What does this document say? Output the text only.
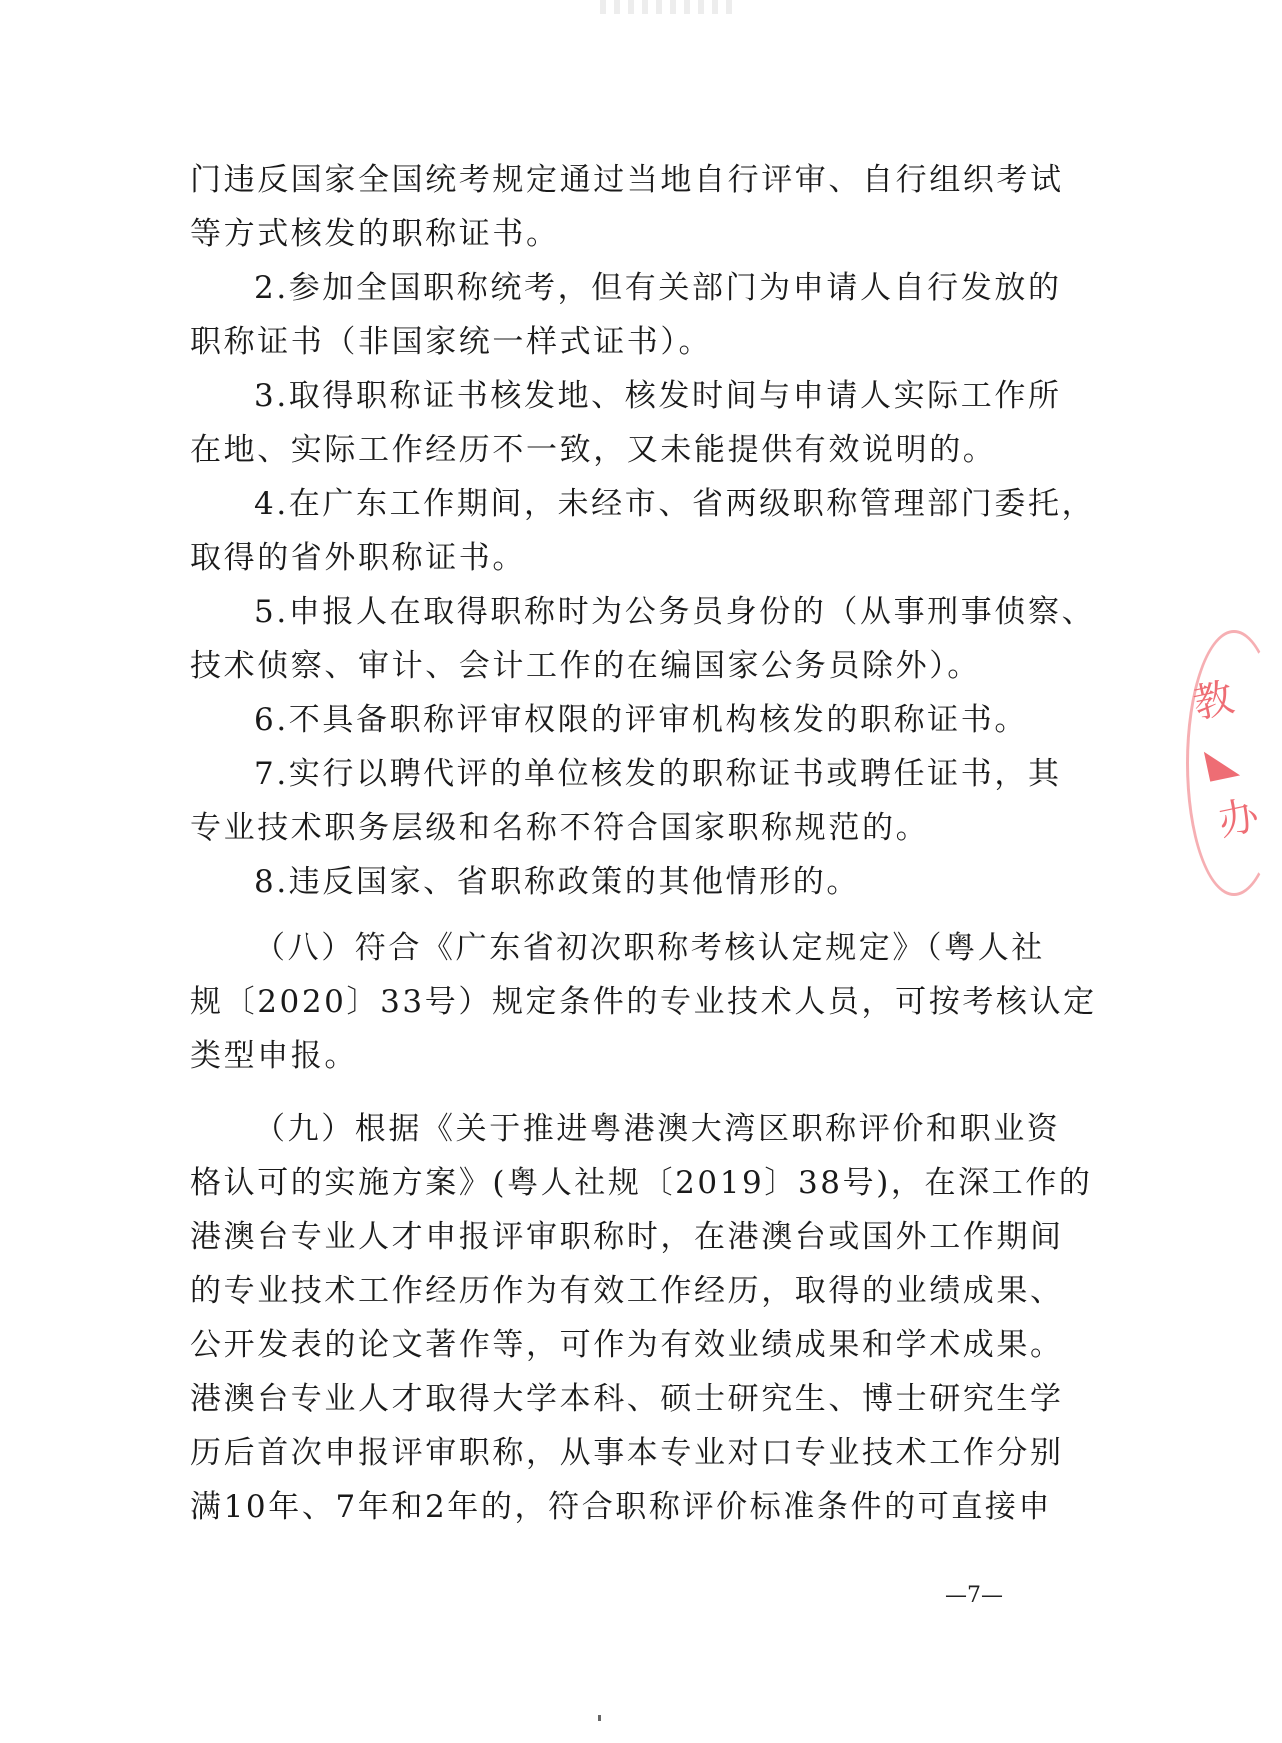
门违反国家全国统考规定通过当地自行评审、自行组织考试
等方式核发的职称证书。
2.参加全国职称统考，但有关部门为申请人自行发放的
职称证书（非国家统一样式证书）。
3.取得职称证书核发地、核发时间与申请人实际工作所
在地、实际工作经历不一致，又未能提供有效说明的。
4.在广东工作期间，未经市、省两级职称管理部门委托，
取得的省外职称证书。
5.申报人在取得职称时为公务员身份的（从事刑事侦察、
技术侦察、审计、会计工作的在编国家公务员除外）。
6.不具备职称评审权限的评审机构核发的职称证书。
7.实行以聘代评的单位核发的职称证书或聘任证书，其
专业技术职务层级和名称不符合国家职称规范的。
8.违反国家、省职称政策的其他情形的。
（八）符合《广东省初次职称考核认定规定》（粤人社
规〔2020〕33号）规定条件的专业技术人员，可按考核认定
类型申报。
（九）根据《关于推进粤港澳大湾区职称评价和职业资
格认可的实施方案》(粤人社规〔2019〕38号)，在深工作的
港澳台专业人才申报评审职称时，在港澳台或国外工作期间
的专业技术工作经历作为有效工作经历，取得的业绩成果、
公开发表的论文著作等，可作为有效业绩成果和学术成果。
港澳台专业人才取得大学本科、硕士研究生、博士研究生学
历后首次申报评审职称，从事本专业对口专业技术工作分别
满10年、7年和2年的，符合职称评价标准条件的可直接申
教
◣
办
—7—
